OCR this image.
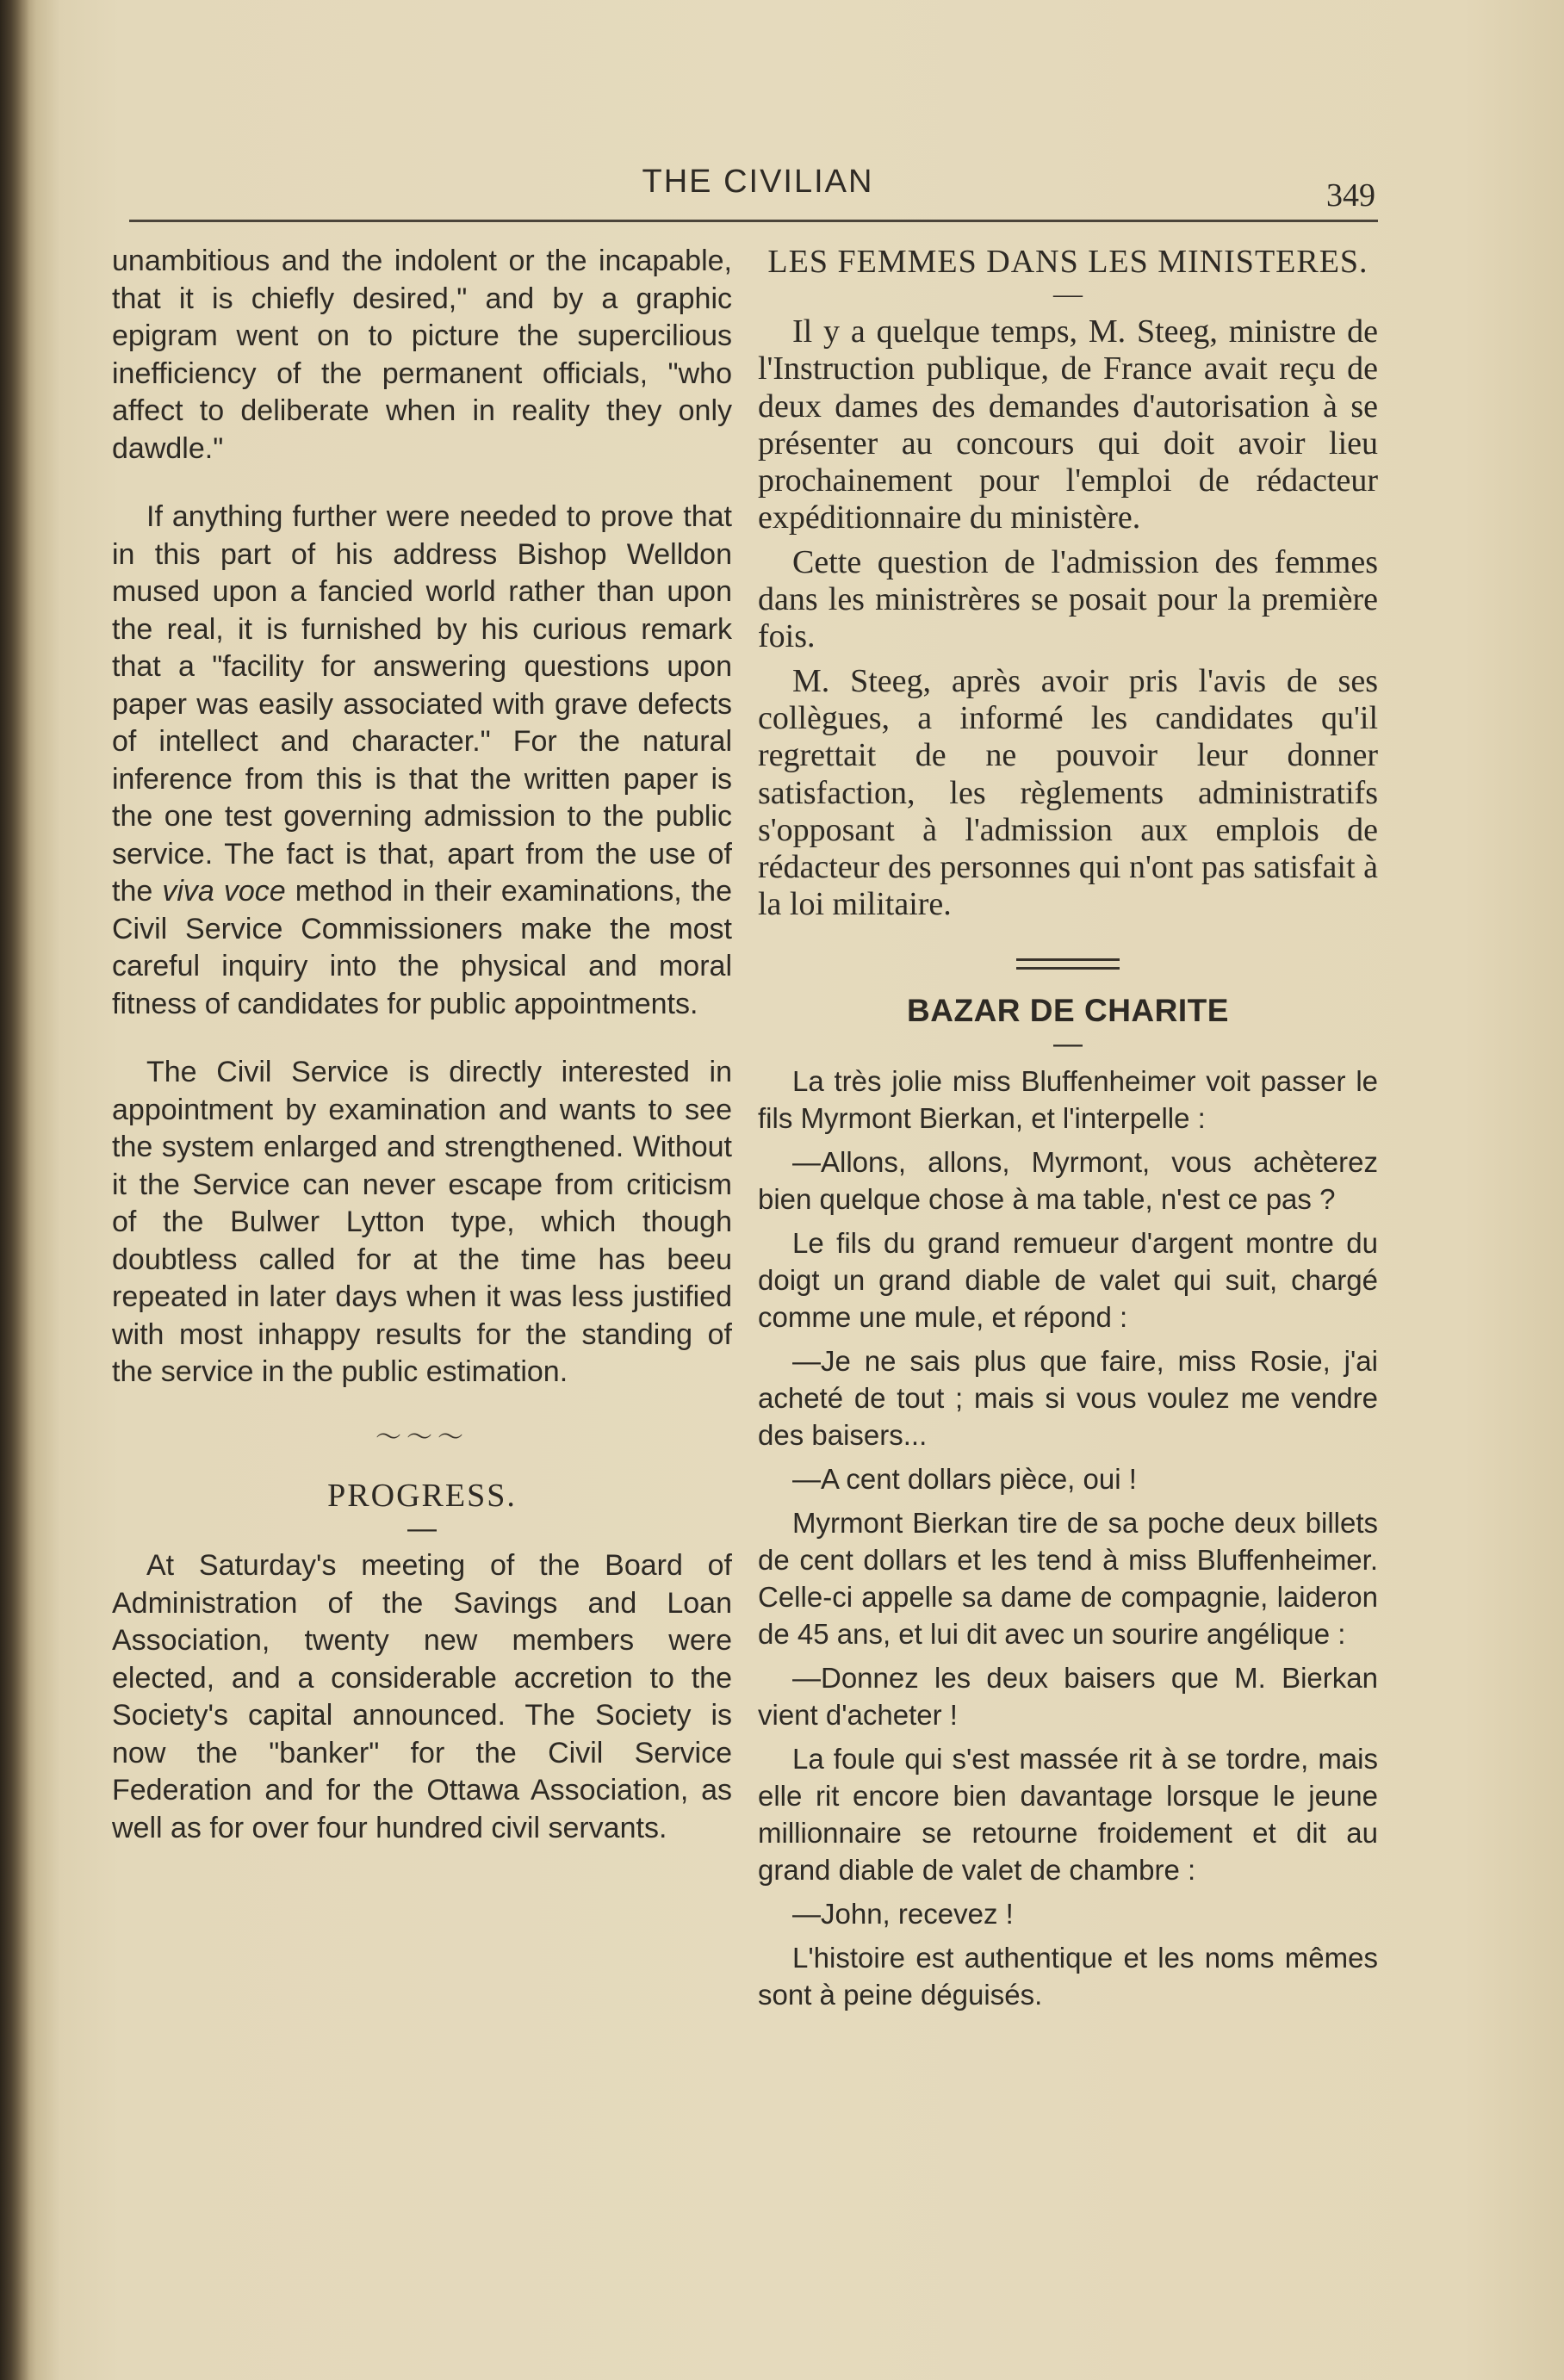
THE CIVILIAN	349

unambitious and the indolent or the incapable, that it is chiefly desired," and by a graphic epigram went on to picture the supercilious inefficiency of the permanent officials, "who affect to deliberate when in reality they only dawdle."

If anything further were needed to prove that in this part of his address Bishop Welldon mused upon a fancied world rather than upon the real, it is furnished by his curious remark that a "facility for answering questions upon paper was easily associated with grave defects of intellect and character." For the natural inference from this is that the written paper is the one test governing admission to the public service. The fact is that, apart from the use of the viva voce method in their examinations, the Civil Service Commissioners make the most careful inquiry into the physical and moral fitness of candidates for public appointments.

The Civil Service is directly interested in appointment by examination and wants to see the system enlarged and strengthened. Without it the Service can never escape from criticism of the Bulwer Lytton type, which though doubtless called for at the time has beeu repeated in later days when it was less justified with most inhappy results for the standing of the service in the public estimation.

〜〜〜
PROGRESS.
—

At Saturday's meeting of the Board of Administration of the Savings and Loan Association, twenty new members were elected, and a considerable accretion to the Society's capital announced. The Society is now the "banker" for the Civil Service Federation and for the Ottawa Association, as well as for over four hundred civil servants.

LES FEMMES DANS LES MINISTERES.
—

Il y a quelque temps, M. Steeg, ministre de l'Instruction publique, de France avait reçu de deux dames des demandes d'autorisation à se présenter au concours qui doit avoir lieu prochainement pour l'emploi de rédacteur expéditionnaire du ministère.

Cette question de l'admission des femmes dans les ministrères se posait pour la première fois.

M. Steeg, après avoir pris l'avis de ses collègues, a informé les candidates qu'il regrettait de ne pouvoir leur donner satisfaction, les règlements administratifs s'opposant à l'admission aux emplois de rédacteur des personnes qui n'ont pas satisfait à la loi militaire.

BAZAR DE CHARITE
—

La très jolie miss Bluffenheimer voit passer le fils Myrmont Bierkan, et l'interpelle :

—Allons, allons, Myrmont, vous achèterez bien quelque chose à ma table, n'est ce pas ?

Le fils du grand remueur d'argent montre du doigt un grand diable de valet qui suit, chargé comme une mule, et répond :

—Je ne sais plus que faire, miss Rosie, j'ai acheté de tout ; mais si vous voulez me vendre des baisers...

—A cent dollars pièce, oui !

Myrmont Bierkan tire de sa poche deux billets de cent dollars et les tend à miss Bluffenheimer. Celle-ci appelle sa dame de compagnie, laideron de 45 ans, et lui dit avec un sourire angélique :

—Donnez les deux baisers que M. Bierkan vient d'acheter !

La foule qui s'est massée rit à se tordre, mais elle rit encore bien davantage lorsque le jeune millionnaire se retourne froidement et dit au grand diable de valet de chambre :

—John, recevez !

L'histoire est authentique et les noms mêmes sont à peine déguisés.
